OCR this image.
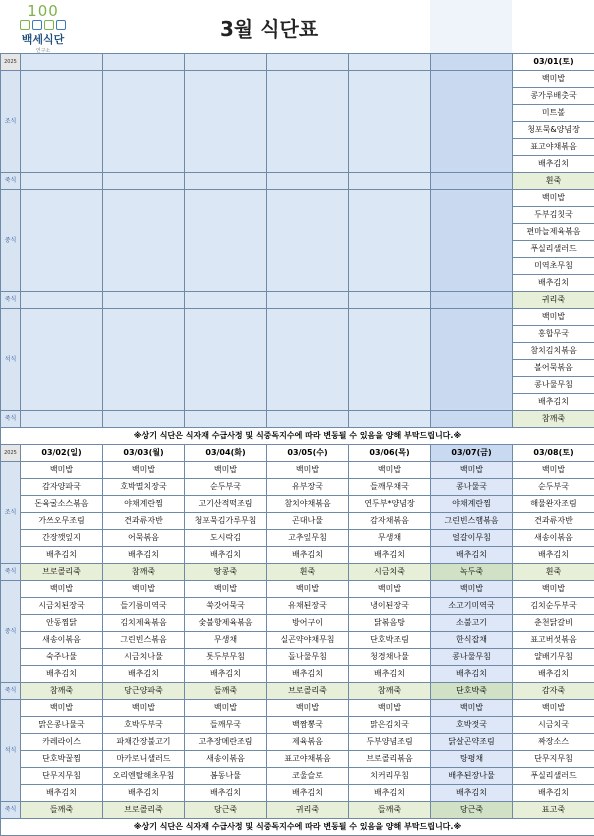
100
백세식단
연구소
3월 식단표
2025							03/01(토)
조식							백미밥
							콩가루배춧국
							미트볼
							청포묵&양념장
							표고야채볶음
							배추김치
죽식							흰죽
중식							백미밥
							두부김칫국
							편마늘제육볶음
							푸실리샐러드
							미역초무침
							배추김치
죽식							귀리죽
석식							백미밥
							홍합무국
							참치김치볶음
							볼어묵볶음
							콩나물무침
							배추김치
죽식							참깨죽
※상기 식단은 식자재 수급사정 및 식중독지수에 따라 변동될 수 있음을 양해 부탁드립니다.※							
2025	03/02(일)	03/03(월)	03/04(화)	03/05(수)	03/06(목)	03/07(금)	03/08(토)
조식	백미밥	백미밥	백미밥	백미밥	백미밥	백미밥	백미밥
	감자양파국	호박멸치장국	순두부국	유부장국	들깨무채국	콩나물국	순두부국
	돈육굴소스볶음	야채계란찜	고기산적떡조림	참치야채볶음	연두부*양념장	야채계란찜	해물완자조림
	가쓰오무조림	견과류자반	청포묵김가루무침	곤대나물	감자채볶음	그린빈스햄볶음	견과류자반
	간장깻잎지	어묵볶음	도시락김	고추잎무침	무생채	얼갈이무침	새송이볶음
	배추김치	배추김치	배추김치	배추김치	배추김치	배추김치	배추김치
죽식	브로콜리죽	참깨죽	땅콩죽	흰죽	시금치죽	녹두죽	흰죽
중식	백미밥	백미밥	백미밥	백미밥	백미밥	백미밥	백미밥
	시금치된장국	들기름미역국	쑥갓어묵국	유채된장국	냉이된장국	소고기미역국	김치순두부국
	안동찜닭	김치제육볶음	숯불향제육볶음	방어구이	닭볶음탕	소불고기	춘천닭갈비
	새송이볶음	그린빈스볶음	무생채	실곤약야채무침	단호박조림	한식잡채	표고버섯볶음
	숙주나물	시금치나물	톳두부무침	돌나물무침	청경채나물	콩나물무침	얄배기무침
	배추김치	배추김치	배추김치	배추김치	배추김치	배추김치	배추김치
죽식	참깨죽	당근양파죽	들깨죽	브로콜리죽	참깨죽	단호박죽	감자죽
석식	백미밥	백미밥	백미밥	백미밥	백미밥	백미밥	백미밥
	맑은콩나물국	호박두부국	들깨무국	백짬뽕국	맑은김치국	호박젓국	시금치국
	카레라이스	파채간장불고기	고추장메란조림	제육볶음	두부양념조림	닭살곤약조림	짜장소스
	단호박꿀찜	마카로니샐러드	새송이볶음	표고야채볶음	브로콜리볶음	탕평채	단무지무침
	단무지무침	오리엔탈해초무침	봄동나물	코울슬로	치커리무침	배추된장나물	푸실리샐러드
	배추김치	배추김치	배추김치	배추김치	배추김치	배추김치	배추김치
죽식	들깨죽	브로콜리죽	당근죽	귀리죽	들깨죽	당근죽	표고죽
※상기 식단은 식자재 수급사정 및 식중독지수에 따라 변동될 수 있음을 양해 부탁드립니다.※							
